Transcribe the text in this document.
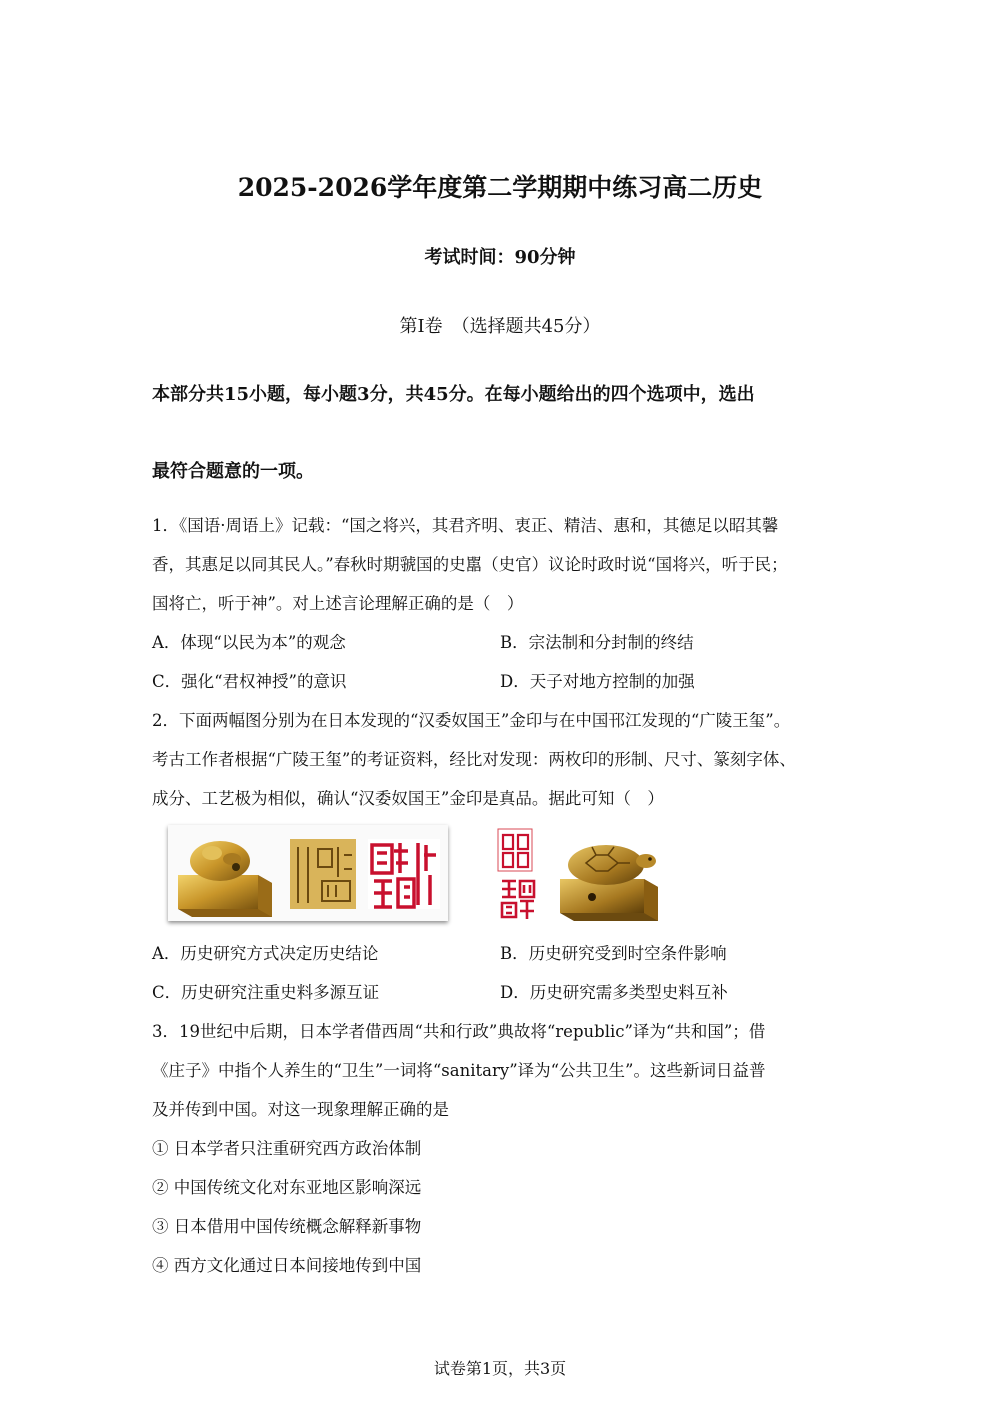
2025-2026学年度第二学期期中练习高二历史
考试时间：90分钟
第Ⅰ卷　（选择题共45分）
本部分共15小题，每小题3分，共45分。在每小题给出的四个选项中，选出
最符合题意的一项。
1．《国语·周语上》记载：“国之将兴，其君齐明、衷正、精洁、惠和，其德足以昭其馨
香，其惠足以同其民人。”春秋时期虢国的史嚚（史官）议论时政时说“国将兴，听于民；
国将亡，听于神”。对上述言论理解正确的是（　）
A．体现“以民为本”的观念	B．宗法制和分封制的终结
C．强化“君权神授”的意识	D．天子对地方控制的加强
2．下面两幅图分别为在日本发现的“汉委奴国王”金印与在中国邗江发现的“广陵王玺”。
考古工作者根据“广陵王玺”的考证资料，经比对发现：两枚印的形制、尺寸、篆刻字体、
成分、工艺极为相似，确认“汉委奴国王”金印是真品。据此可知（　）
A．历史研究方式决定历史结论	B．历史研究受到时空条件影响
C．历史研究注重史料多源互证	D．历史研究需多类型史料互补
3．19世纪中后期，日本学者借西周“共和行政”典故将“republic”译为“共和国”；借
《庄子》中指个人养生的“卫生”一词将“sanitary”译为“公共卫生”。这些新词日益普
及并传到中国。对这一现象理解正确的是
① 日本学者只注重研究西方政治体制
② 中国传统文化对东亚地区影响深远
③ 日本借用中国传统概念解释新事物
④ 西方文化通过日本间接地传到中国
试卷第1页，共3页
